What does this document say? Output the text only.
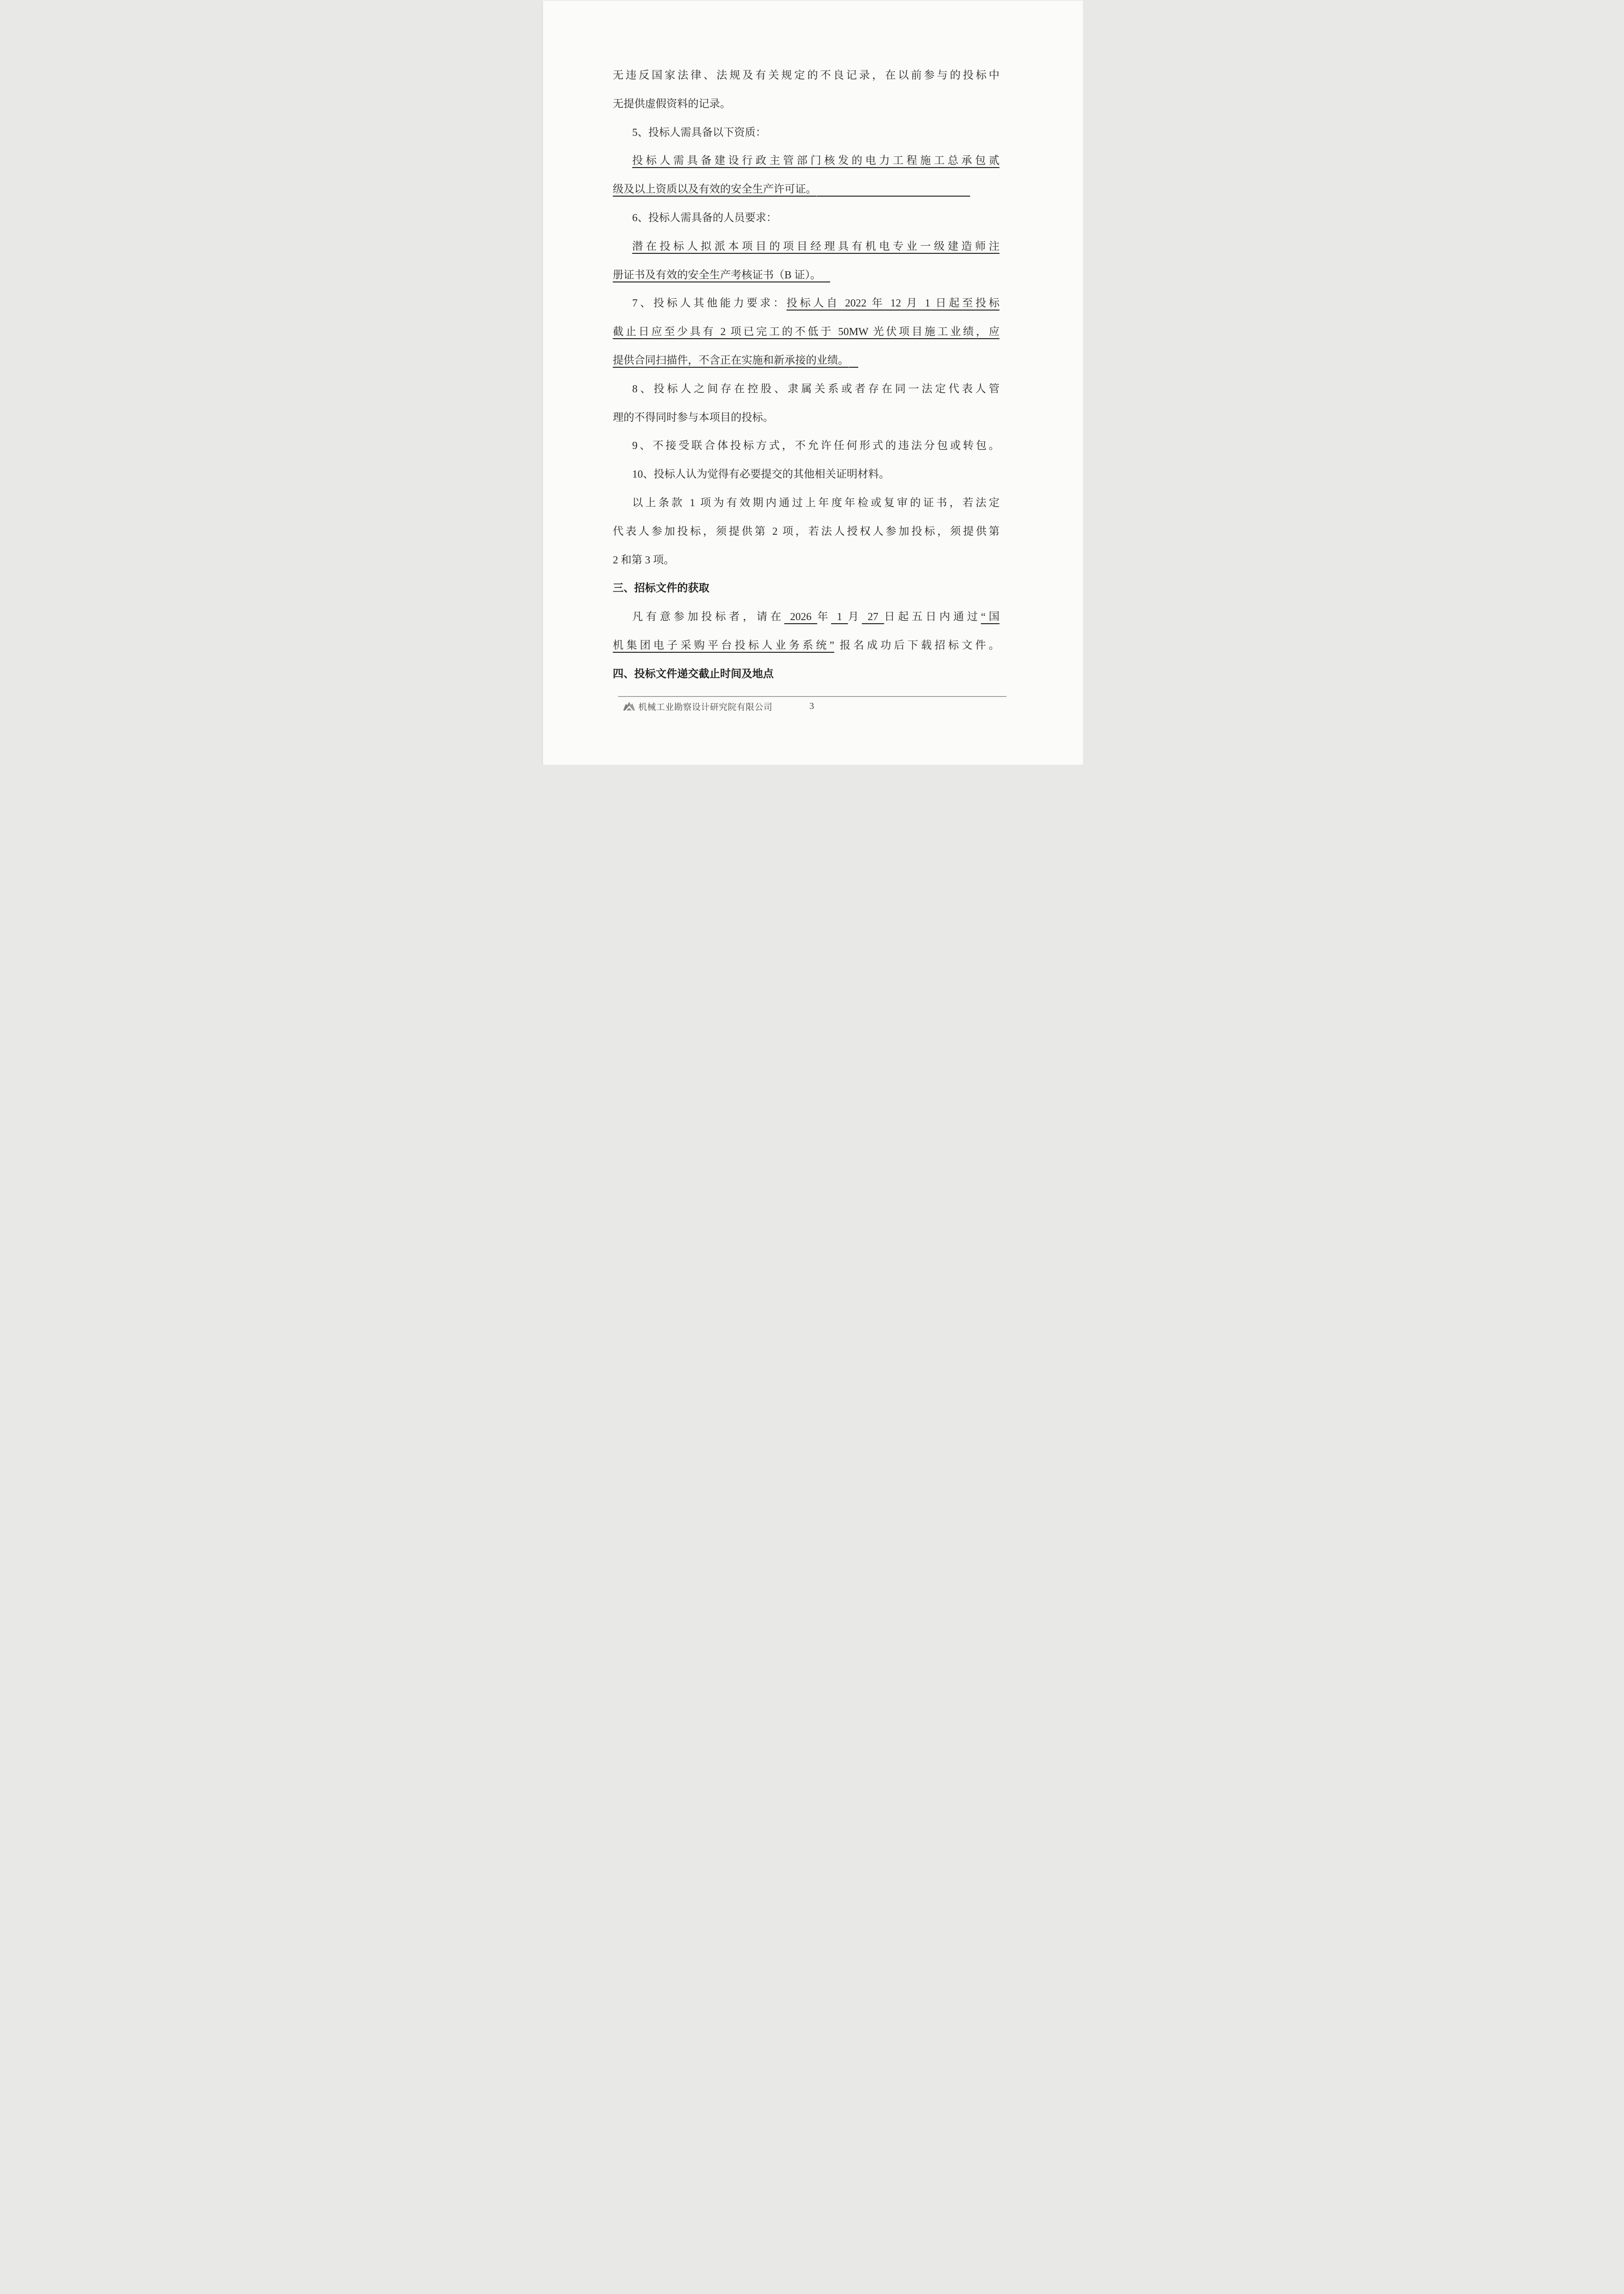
无违反国家法律、法规及有关规定的不良记录，在以前参与的投标中
无提供虚假资料的记录。
5、投标人需具备以下资质：
投标人需具备建设行政主管部门核发的电力工程施工总承包贰
级及以上资质以及有效的安全生产许可证。
6、投标人需具备的人员要求：
潜在投标人拟派本项目的项目经理具有机电专业一级建造师注
册证书及有效的安全生产考核证书（B 证）。
7、投标人其他能力要求：投标人自 2022 年 12 月 1 日起至投标
截止日应至少具有 2 项已完工的不低于 50MW 光伏项目施工业绩，应
提供合同扫描件，不含正在实施和新承接的业绩。
8、投标人之间存在控股、隶属关系或者存在同一法定代表人管
理的不得同时参与本项目的投标。
9、不接受联合体投标方式，不允许任何形式的违法分包或转包。
10、投标人认为觉得有必要提交的其他相关证明材料。
以上条款 1 项为有效期内通过上年度年检或复审的证书，若法定
代表人参加投标，须提供第 2 项，若法人授权人参加投标，须提供第
2 和第 3 项。
三、招标文件的获取
凡有意参加投标者，请在 2026 年 1 月 27 日起五日内通过“国
机集团电子采购平台投标人业务系统” 报名成功后下载招标文件。
四、投标文件递交截止时间及地点
机械工业勘察设计研究院有限公司	3
